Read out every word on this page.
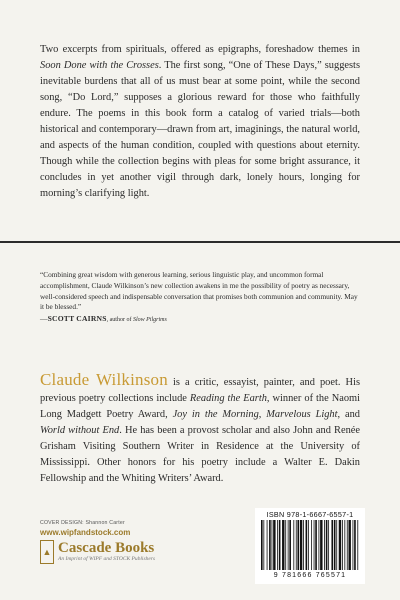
Two excerpts from spirituals, offered as epigraphs, foreshadow themes in Soon Done with the Crosses. The first song, “One of These Days,” suggests inevitable burdens that all of us must bear at some point, while the second song, “Do Lord,” supposes a glorious reward for those who faithfully endure. The poems in this book form a catalog of varied trials—both historical and contemporary—drawn from art, imaginings, the natural world, and aspects of the human condition, coupled with questions about eternity. Though while the collection begins with pleas for some bright assurance, it concludes in yet another vigil through dark, lonely hours, longing for morning’s clarifying light.
“Combining great wisdom with generous learning, serious linguistic play, and uncommon formal accomplishment, Claude Wilkinson’s new collection awakens in me the possibility of poetry as necessary, well-considered speech and indispensable conversation that promises both communion and community. May it be blessed.”
—SCOTT CAIRNS, author of Slow Pilgrims
Claude Wilkinson is a critic, essayist, painter, and poet. His previous poetry collections include Reading the Earth, winner of the Naomi Long Madgett Poetry Award, Joy in the Morning, Marvelous Light, and World without End. He has been a provost scholar and also John and Renée Grisham Visiting Southern Writer in Residence at the University of Mississippi. Other honors for his poetry include a Walter E. Dakin Fellowship and the Whiting Writers’ Award.
COVER DESIGN: Shannon Carter
www.wipfandstock.com
▲ Cascade Books
An Imprint of WIPF and STOCK Publishers
ISBN 978-1-6667-6557-1
9 781666 765571
